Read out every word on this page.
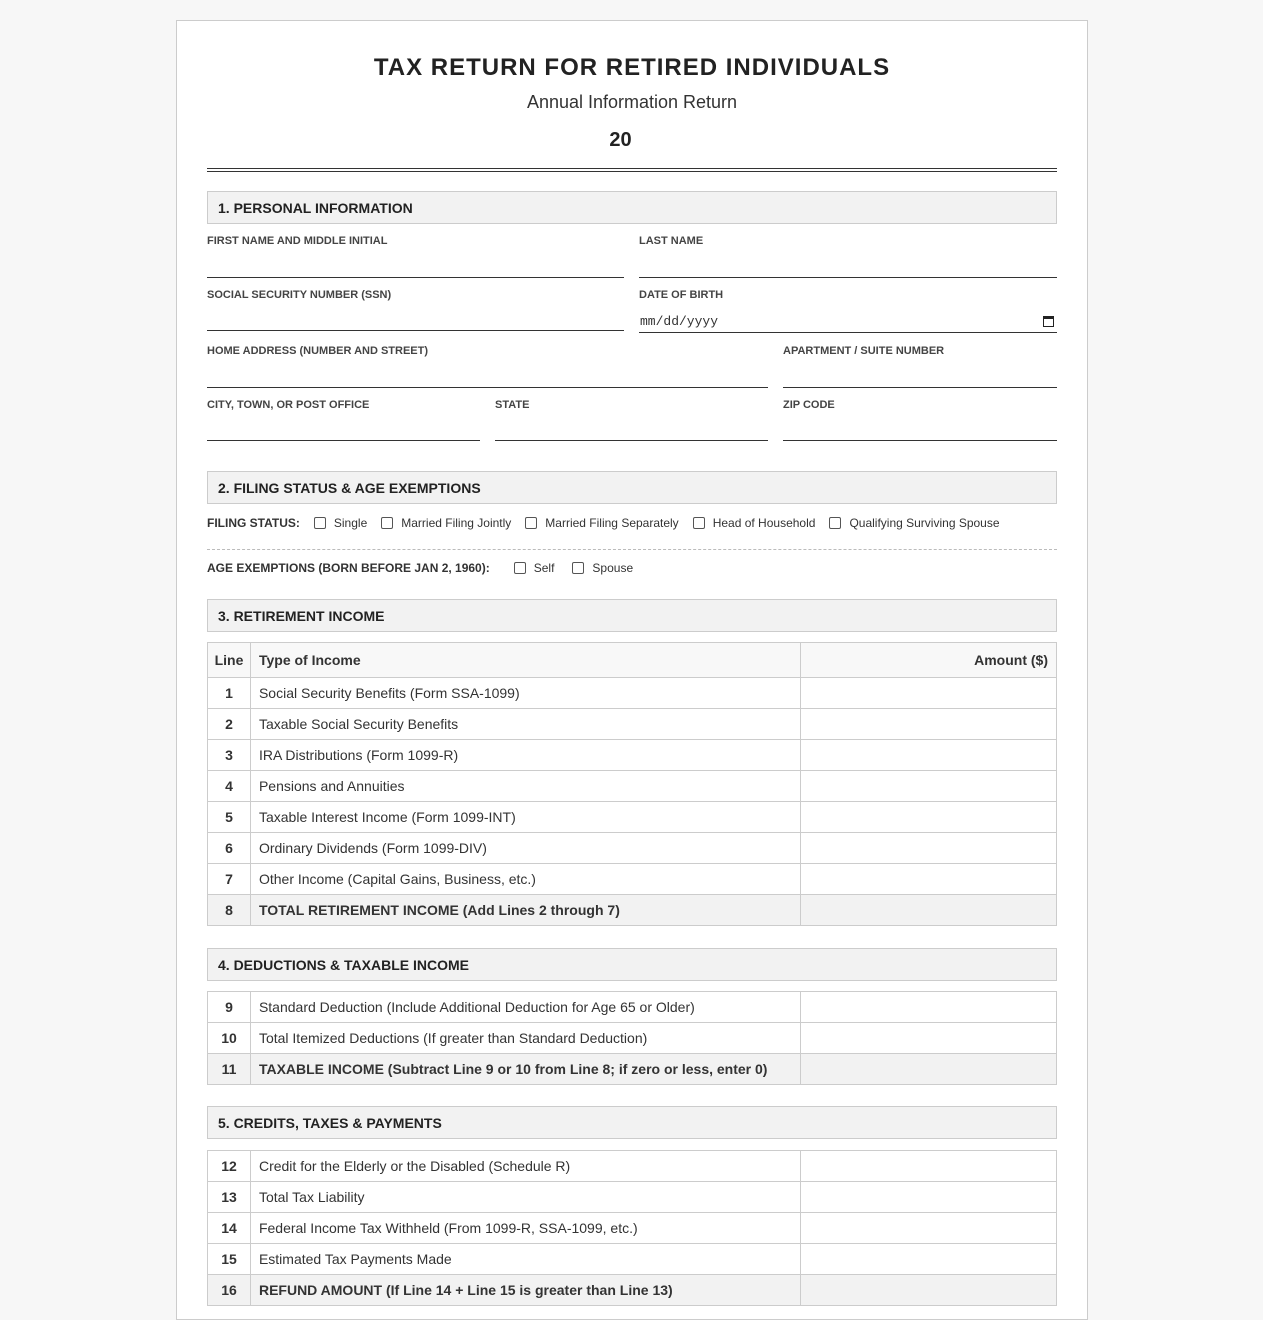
TAX RETURN FOR RETIRED INDIVIDUALS
Annual Information Return
20
1. PERSONAL INFORMATION
FIRST NAME AND MIDDLE INITIAL	LAST NAME
SOCIAL SECURITY NUMBER (SSN)	DATE OF BIRTH
mm/dd/yyyy
HOME ADDRESS (NUMBER AND STREET)	APARTMENT / SUITE NUMBER
CITY, TOWN, OR POST OFFICE	STATE	ZIP CODE
2. FILING STATUS & AGE EXEMPTIONS
FILING STATUS:	Single	Married Filing Jointly	Married Filing Separately	Head of Household	Qualifying Surviving Spouse
AGE EXEMPTIONS (BORN BEFORE JAN 2, 1960):	Self	Spouse
3. RETIREMENT INCOME
Line	Type of Income	Amount ($)
1	Social Security Benefits (Form SSA-1099)	
2	Taxable Social Security Benefits	
3	IRA Distributions (Form 1099-R)	
4	Pensions and Annuities	
5	Taxable Interest Income (Form 1099-INT)	
6	Ordinary Dividends (Form 1099-DIV)	
7	Other Income (Capital Gains, Business, etc.)	
8	TOTAL RETIREMENT INCOME (Add Lines 2 through 7)	
4. DEDUCTIONS & TAXABLE INCOME
9	Standard Deduction (Include Additional Deduction for Age 65 or Older)	
10	Total Itemized Deductions (If greater than Standard Deduction)	
11	TAXABLE INCOME (Subtract Line 9 or 10 from Line 8; if zero or less, enter 0)	
5. CREDITS, TAXES & PAYMENTS
12	Credit for the Elderly or the Disabled (Schedule R)	
13	Total Tax Liability	
14	Federal Income Tax Withheld (From 1099-R, SSA-1099, etc.)	
15	Estimated Tax Payments Made	
16	REFUND AMOUNT (If Line 14 + Line 15 is greater than Line 13)	
